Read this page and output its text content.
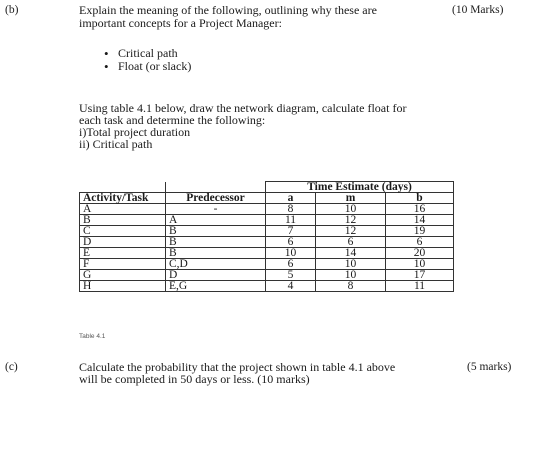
(b)	Explain the meaning of the following, outlining why these are
important concepts for a Project Manager:
(10 Marks)
• Critical path
• Float (or slack)
Using table 4.1 below, draw the network diagram, calculate float for
each task and determine the following:
i)Total project duration
ii) Critical path
		Time Estimate (days)		
Activity/Task	Predecessor	a	m	b
A	-	8	10	16
B	A	11	12	14
C	B	7	12	19
D	B	6	6	6
E	B	10	14	20
F	C,D	6	10	10
G	D	5	10	17
H	E,G	4	8	11
Table 4.1
(c)	Calculate the probability that the project shown in table 4.1 above
will be completed in 50 days or less. (10 marks)
(5 marks)
